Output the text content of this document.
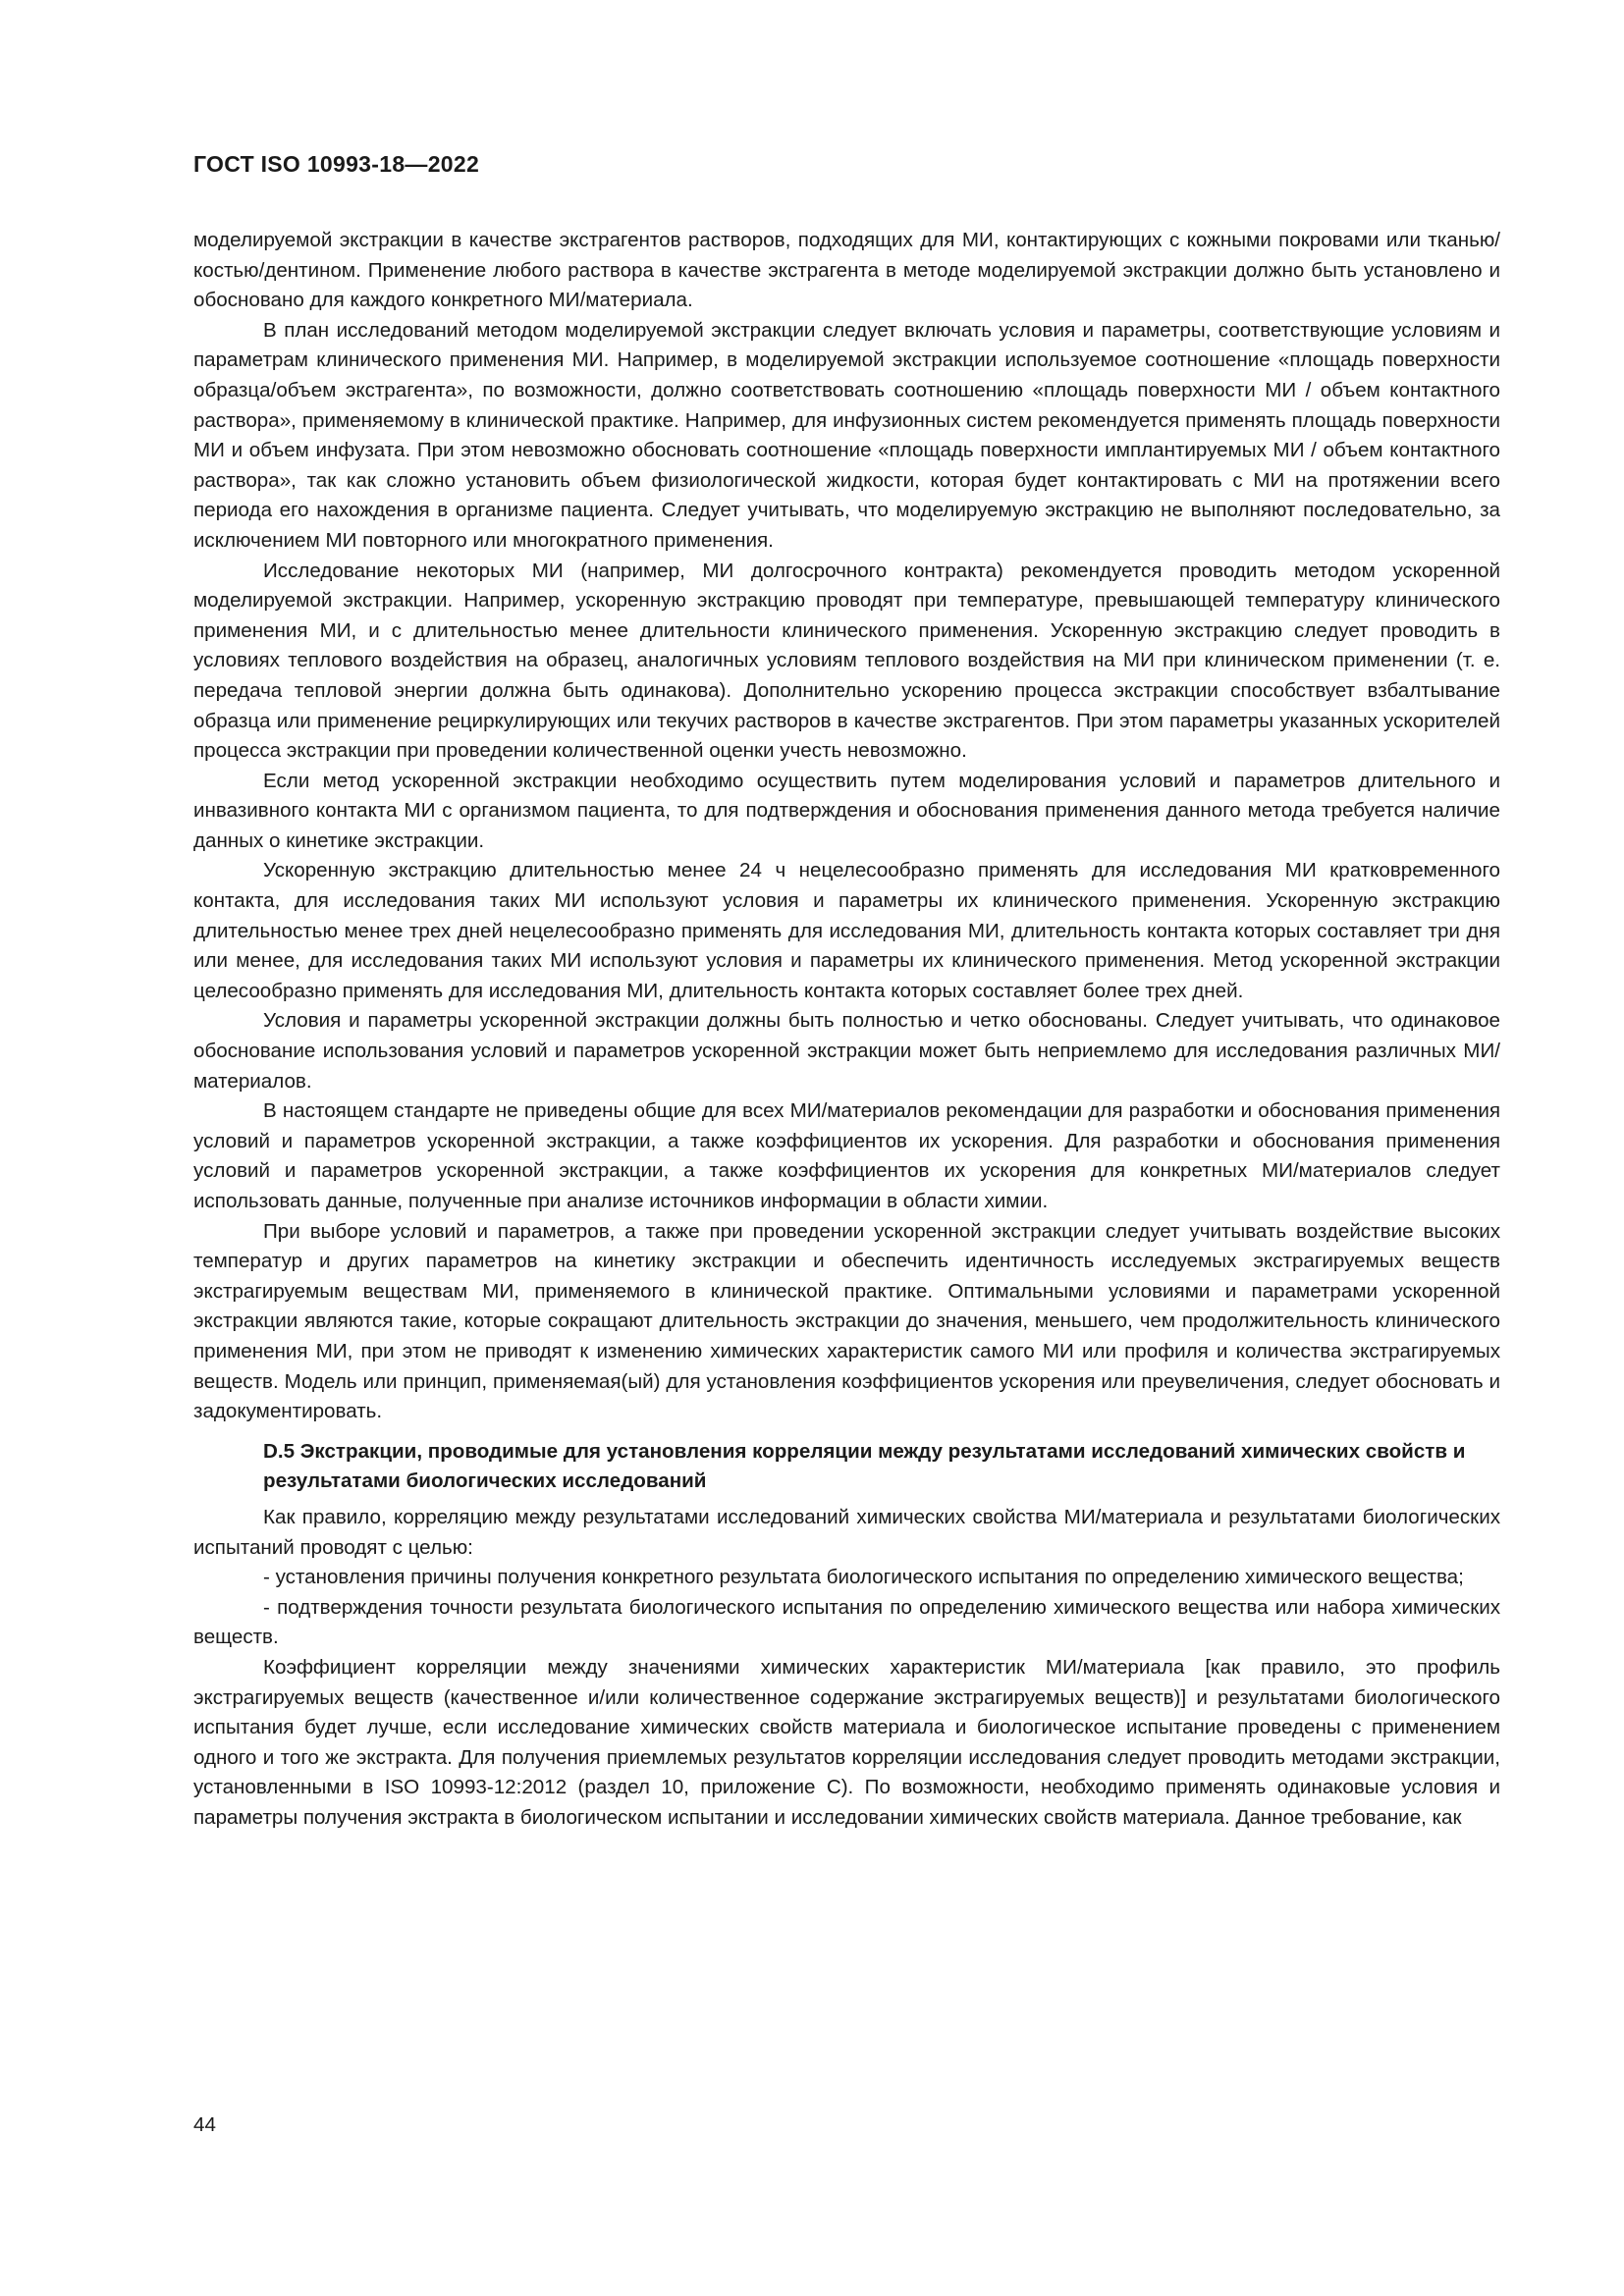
ГОСТ ISO 10993-18—2022

моделируемой экстракции в качестве экстрагентов растворов, подходящих для МИ, контактирующих с кожными покровами или тканью/костью/дентином. Применение любого раствора в качестве экстрагента в методе моделируемой экстракции должно быть установлено и обосновано для каждого конкретного МИ/материала.

В план исследований методом моделируемой экстракции следует включать условия и параметры, соответствующие условиям и параметрам клинического применения МИ. Например, в моделируемой экстракции используемое соотношение «площадь поверхности образца/объем экстрагента», по возможности, должно соответствовать соотношению «площадь поверхности МИ / объем контактного раствора», применяемому в клинической практике. Например, для инфузионных систем рекомендуется применять площадь поверхности МИ и объем инфузата. При этом невозможно обосновать соотношение «площадь поверхности имплантируемых МИ / объем контактного раствора», так как сложно установить объем физиологической жидкости, которая будет контактировать с МИ на протяжении всего периода его нахождения в организме пациента. Следует учитывать, что моделируемую экстракцию не выполняют последовательно, за исключением МИ повторного или многократного применения.

Исследование некоторых МИ (например, МИ долгосрочного контракта) рекомендуется проводить методом ускоренной моделируемой экстракции. Например, ускоренную экстракцию проводят при температуре, превышающей температуру клинического применения МИ, и с длительностью менее длительности клинического применения. Ускоренную экстракцию следует проводить в условиях теплового воздействия на образец, аналогичных условиям теплового воздействия на МИ при клиническом применении (т. е. передача тепловой энергии должна быть одинакова). Дополнительно ускорению процесса экстракции способствует взбалтывание образца или применение рециркулирующих или текучих растворов в качестве экстрагентов. При этом параметры указанных ускорителей процесса экстракции при проведении количественной оценки учесть невозможно.

Если метод ускоренной экстракции необходимо осуществить путем моделирования условий и параметров длительного и инвазивного контакта МИ с организмом пациента, то для подтверждения и обоснования применения данного метода требуется наличие данных о кинетике экстракции.

Ускоренную экстракцию длительностью менее 24 ч нецелесообразно применять для исследования МИ кратковременного контакта, для исследования таких МИ используют условия и параметры их клинического применения. Ускоренную экстракцию длительностью менее трех дней нецелесообразно применять для исследования МИ, длительность контакта которых составляет три дня или менее, для исследования таких МИ используют условия и параметры их клинического применения. Метод ускоренной экстракции целесообразно применять для исследования МИ, длительность контакта которых составляет более трех дней.

Условия и параметры ускоренной экстракции должны быть полностью и четко обоснованы. Следует учитывать, что одинаковое обоснование использования условий и параметров ускоренной экстракции может быть неприемлемо для исследования различных МИ/материалов.

В настоящем стандарте не приведены общие для всех МИ/материалов рекомендации для разработки и обоснования применения условий и параметров ускоренной экстракции, а также коэффициентов их ускорения. Для разработки и обоснования применения условий и параметров ускоренной экстракции, а также коэффициентов их ускорения для конкретных МИ/материалов следует использовать данные, полученные при анализе источников информации в области химии.

При выборе условий и параметров, а также при проведении ускоренной экстракции следует учитывать воздействие высоких температур и других параметров на кинетику экстракции и обеспечить идентичность исследуемых экстрагируемых веществ экстрагируемым веществам МИ, применяемого в клинической практике. Оптимальными условиями и параметрами ускоренной экстракции являются такие, которые сокращают длительность экстракции до значения, меньшего, чем продолжительность клинического применения МИ, при этом не приводят к изменению химических характеристик самого МИ или профиля и количества экстрагируемых веществ. Модель или принцип, применяемая(ый) для установления коэффициентов ускорения или преувеличения, следует обосновать и задокументировать.

D.5 Экстракции, проводимые для установления корреляции между результатами исследований химических свойств и результатами биологических исследований

Как правило, корреляцию между результатами исследований химических свойства МИ/материала и результатами биологических испытаний проводят с целью:

- установления причины получения конкретного результата биологического испытания по определению химического вещества;

- подтверждения точности результата биологического испытания по определению химического вещества или набора химических веществ.

Коэффициент корреляции между значениями химических характеристик МИ/материала [как правило, это профиль экстрагируемых веществ (качественное и/или количественное содержание экстрагируемых веществ)] и результатами биологического испытания будет лучше, если исследование химических свойств материала и биологическое испытание проведены с применением одного и того же экстракта. Для получения приемлемых результатов корреляции исследования следует проводить методами экстракции, установленными в ISO 10993-12:2012 (раздел 10, приложение С). По возможности, необходимо применять одинаковые условия и параметры получения экстракта в биологическом испытании и исследовании химических свойств материала. Данное требование, как

44
